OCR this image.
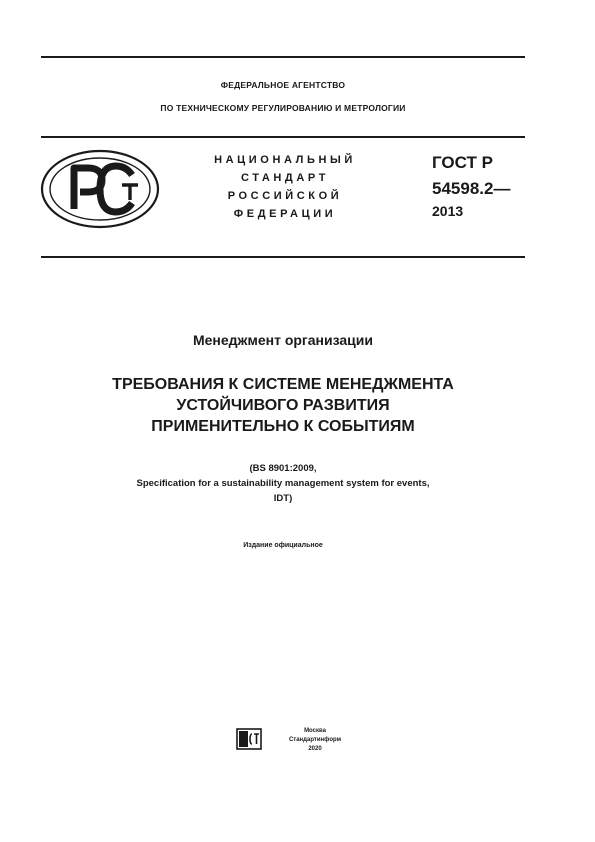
ФЕДЕРАЛЬНОЕ АГЕНТСТВО
ПО ТЕХНИЧЕСКОМУ РЕГУЛИРОВАНИЮ И МЕТРОЛОГИИ
НАЦИОНАЛЬНЫЙ
СТАНДАРТ
РОССИЙСКОЙ
ФЕДЕРАЦИИ
ГОСТ Р
54598.2—
2013
Менеджмент организации
ТРЕБОВАНИЯ К СИСТЕМЕ МЕНЕДЖМЕНТА
УСТОЙЧИВОГО РАЗВИТИЯ
ПРИМЕНИТЕЛЬНО К СОБЫТИЯМ
(BS 8901:2009,
Specification for a sustainability management system for events,
IDT)
Издание официальное
Москва
Стандартинформ
2020
